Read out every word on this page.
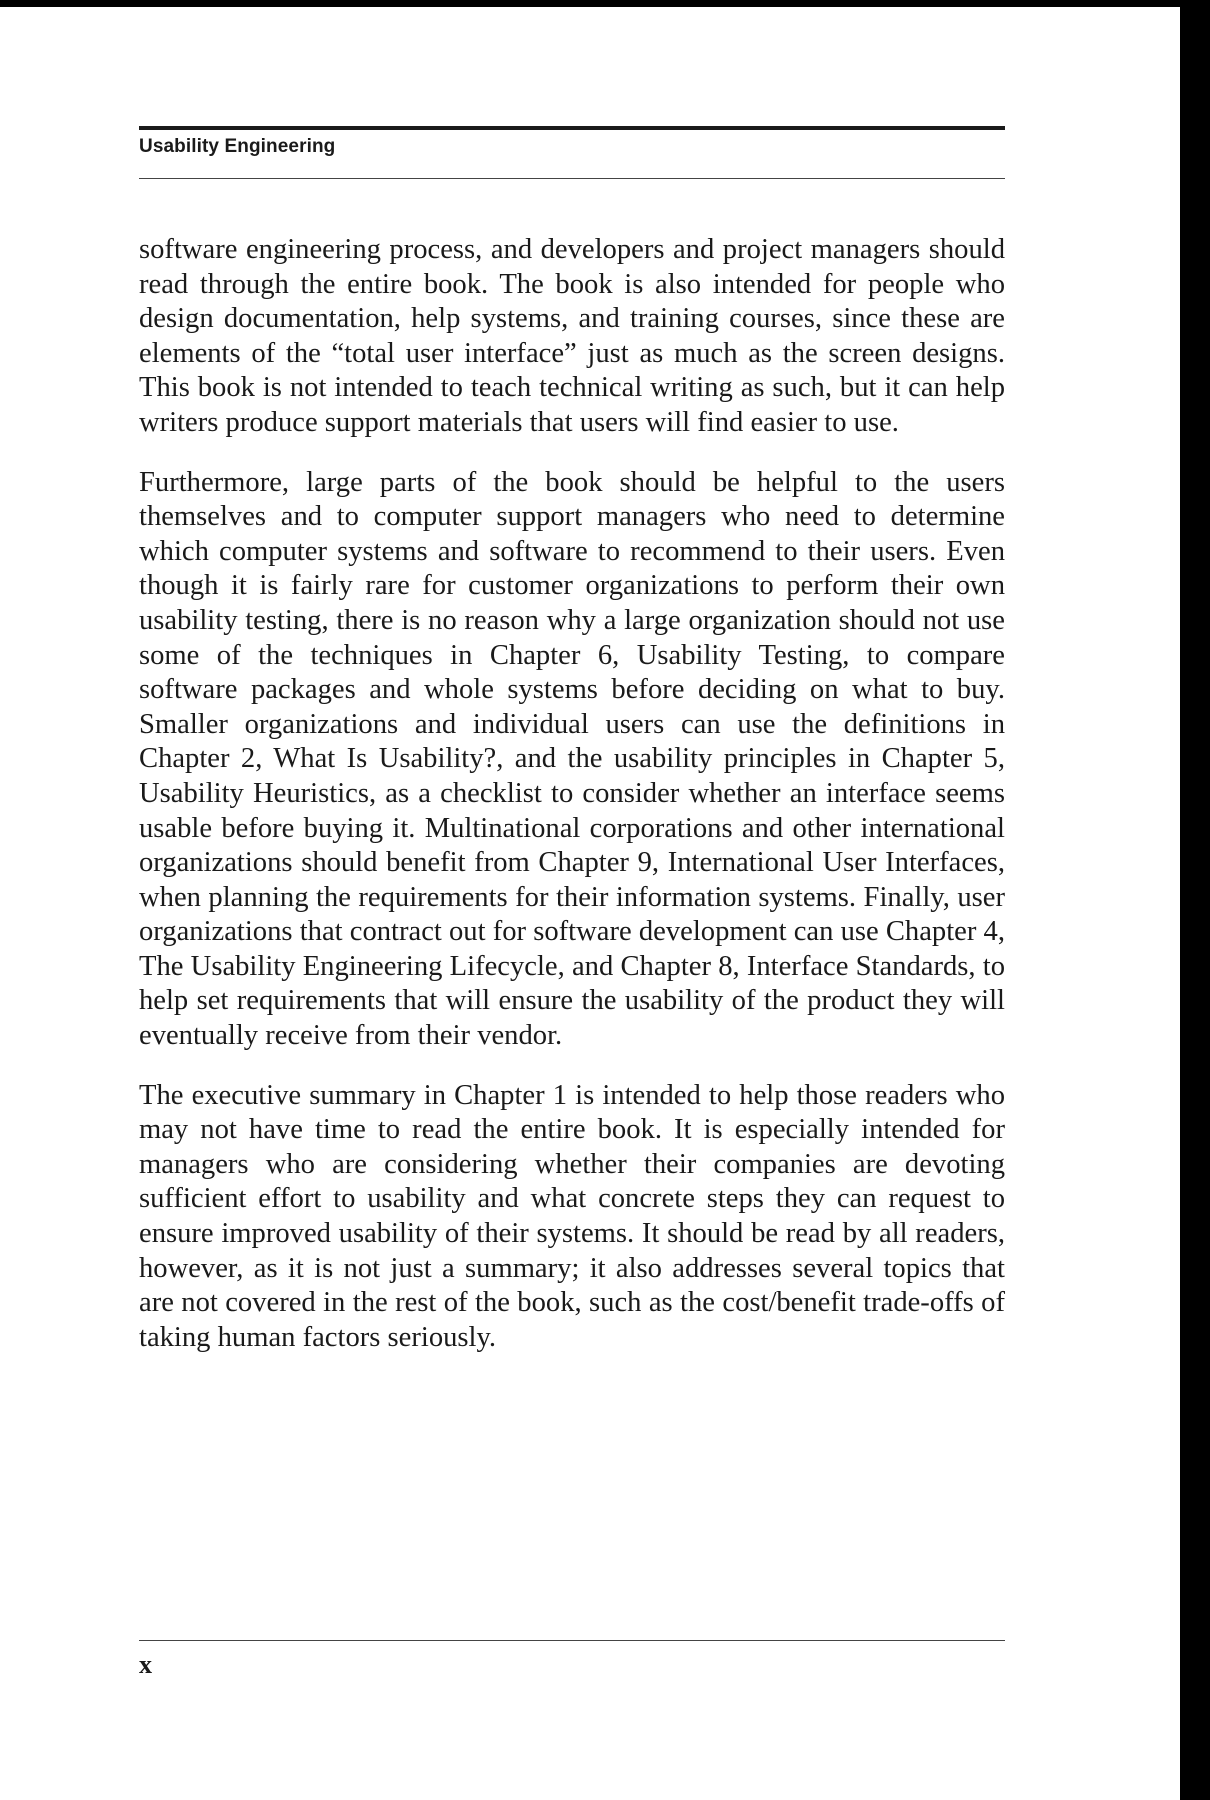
Usability Engineering

software engineering process, and developers and project managers should read through the entire book. The book is also intended for people who design documentation, help systems, and training courses, since these are elements of the “total user interface” just as much as the screen designs. This book is not intended to teach technical writing as such, but it can help writers produce support materials that users will find easier to use.

Furthermore, large parts of the book should be helpful to the users themselves and to computer support managers who need to determine which computer systems and software to recommend to their users. Even though it is fairly rare for customer organizations to perform their own usability testing, there is no reason why a large organization should not use some of the techniques in Chapter 6, Usability Testing, to compare software packages and whole systems before deciding on what to buy. Smaller organizations and individual users can use the definitions in Chapter 2, What Is Usability?, and the usability principles in Chapter 5, Usability Heuristics, as a checklist to consider whether an interface seems usable before buying it. Multinational corporations and other international organizations should benefit from Chapter 9, International User Interfaces, when planning the requirements for their information systems. Finally, user organizations that contract out for software development can use Chapter 4, The Usability Engineering Lifecycle, and Chapter 8, Interface Standards, to help set requirements that will ensure the usability of the product they will eventually receive from their vendor.

The executive summary in Chapter 1 is intended to help those readers who may not have time to read the entire book. It is especially intended for managers who are considering whether their companies are devoting sufficient effort to usability and what concrete steps they can request to ensure improved usability of their systems. It should be read by all readers, however, as it is not just a summary; it also addresses several topics that are not covered in the rest of the book, such as the cost/benefit trade-offs of taking human factors seriously.

x
